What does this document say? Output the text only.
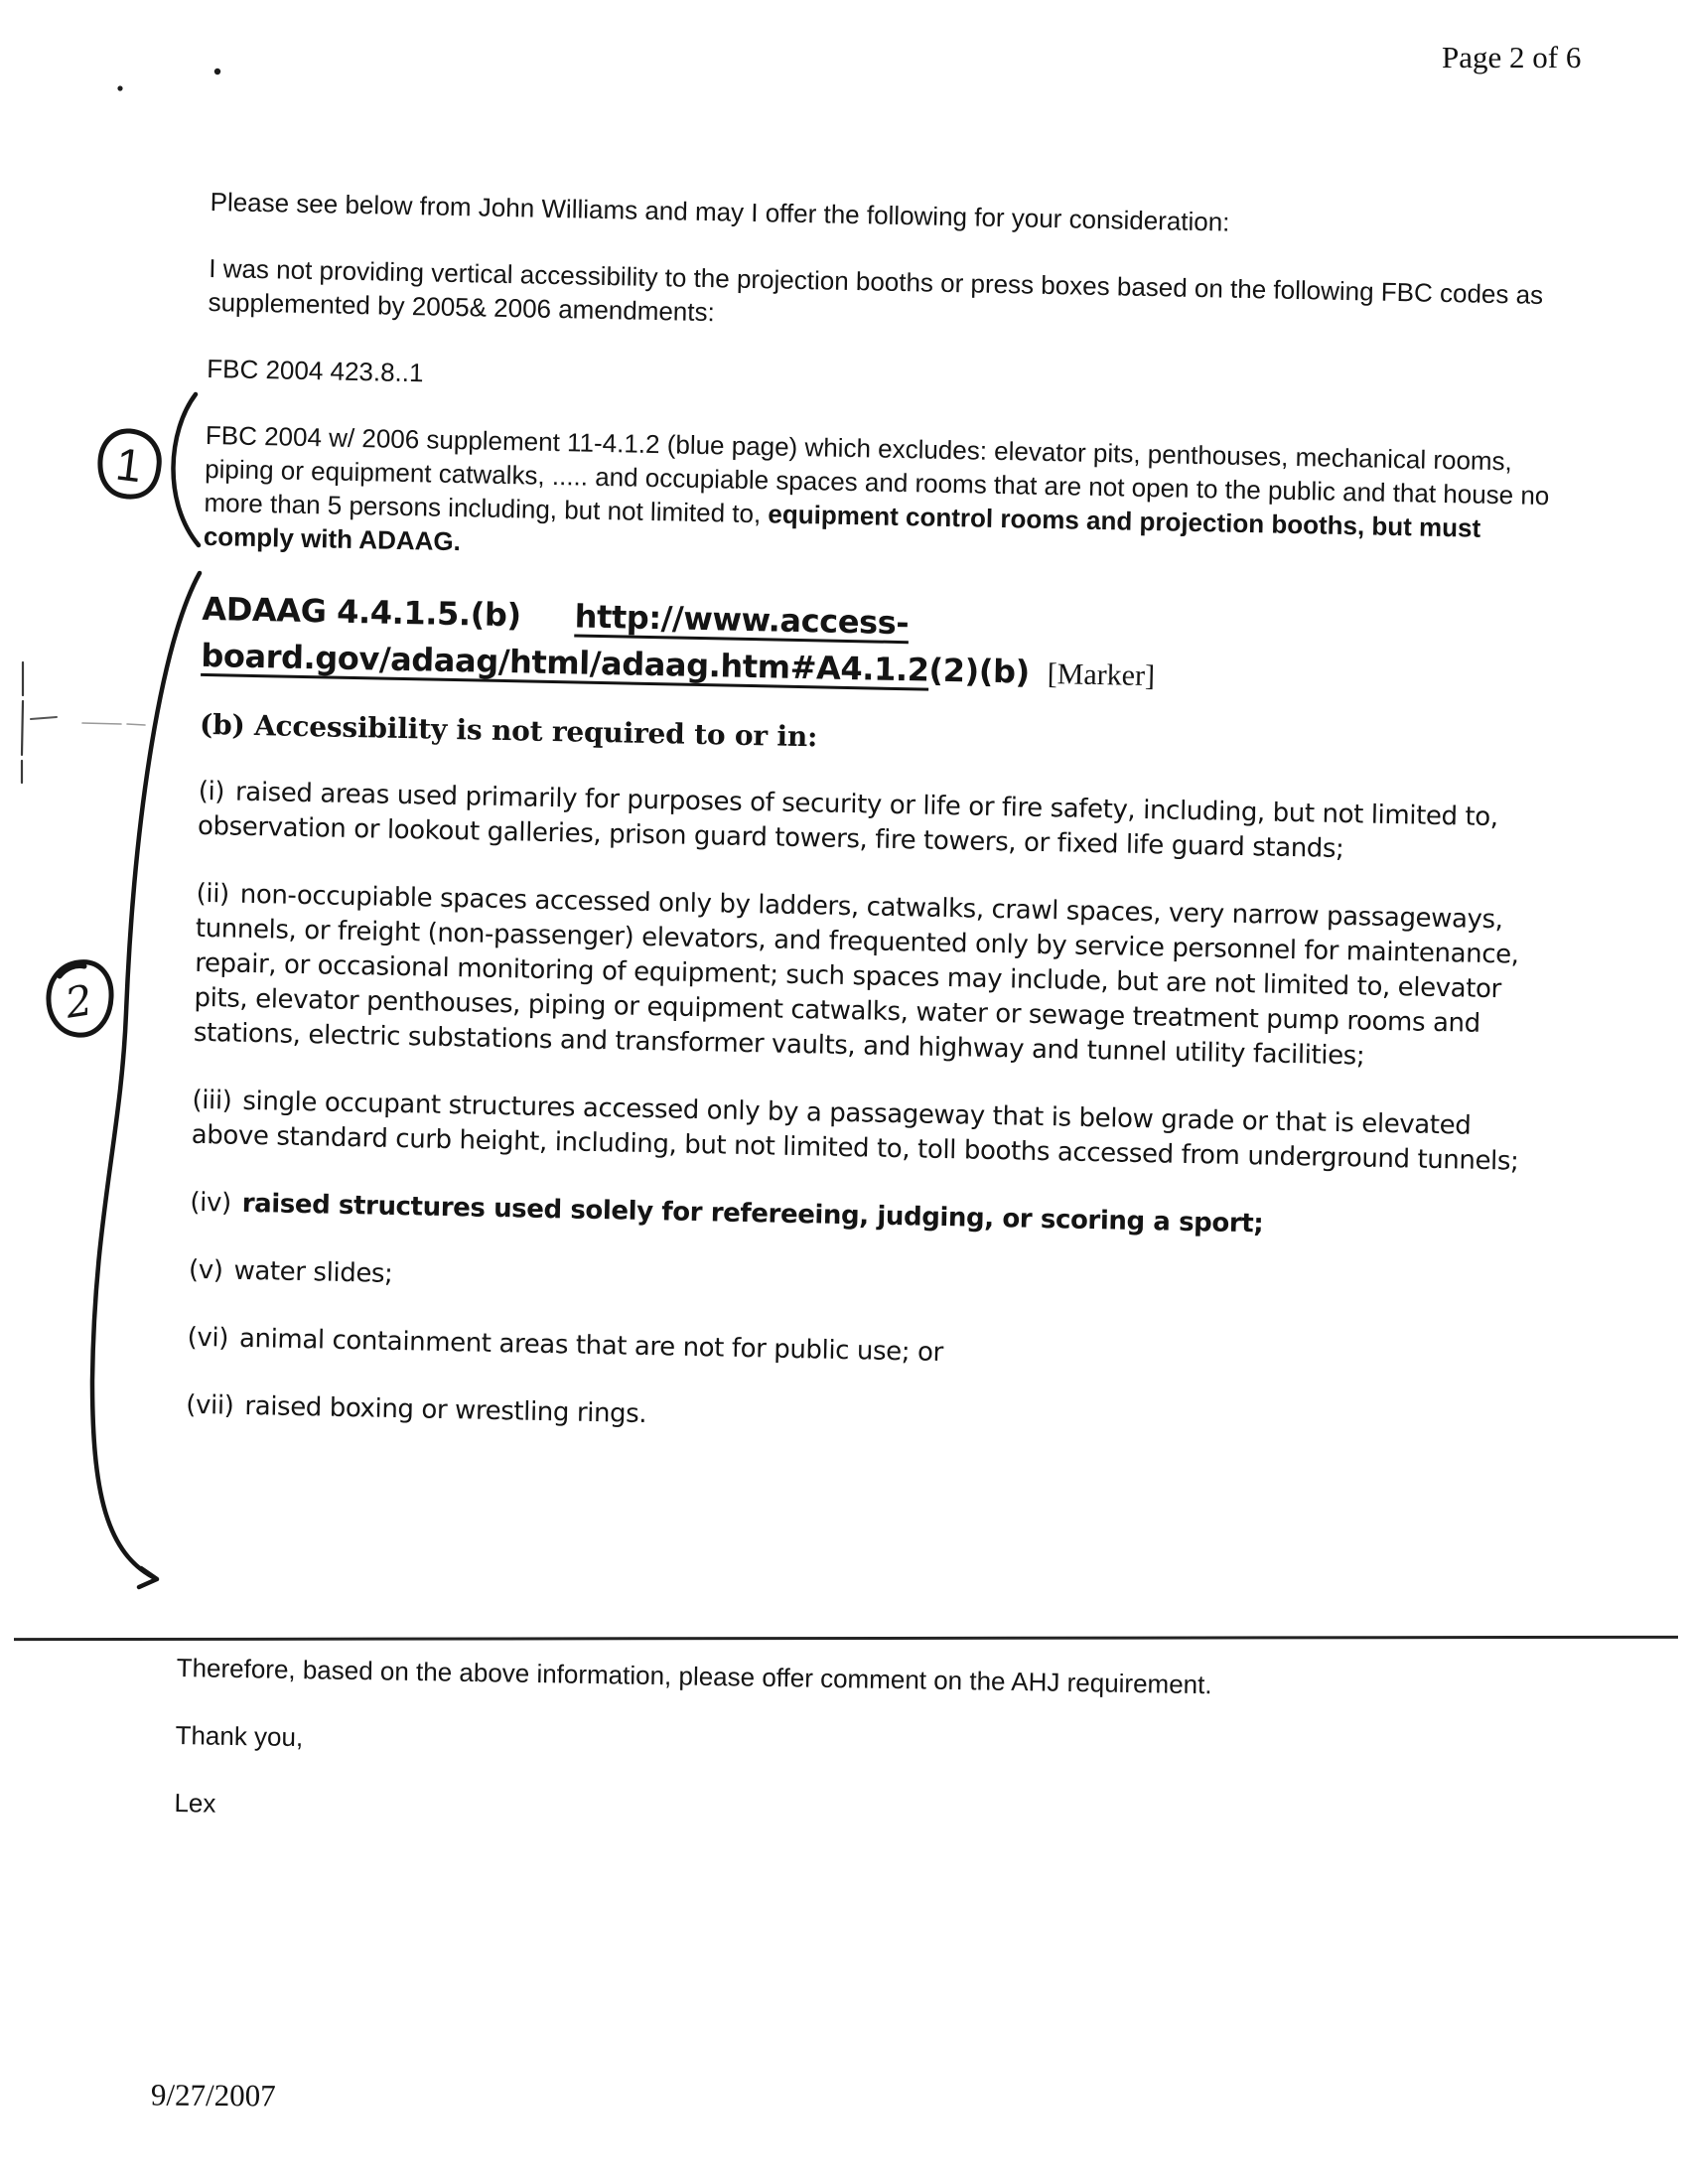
Page 2 of 6
1
2

Please see below from John Williams and may I offer the following for your consideration:

I was not providing vertical accessibility to the projection booths or press boxes based on the following FBC codes as supplemented by 2005& 2006 amendments:

FBC 2004 423.8..1

FBC 2004 w/ 2006 supplement 11-4.1.2 (blue page) which excludes: elevator pits, penthouses, mechanical rooms, piping or equipment catwalks, ..... and occupiable spaces and rooms that are not open to the public and that house no more than 5 persons including, but not limited to, equipment control rooms and projection booths, but must comply with ADAAG.

ADAAG 4.4.1.5.(b) http://www.access-
board.gov/adaag/html/adaag.htm#A4.1.2(2)(b) [Marker]

(b) Accessibility is not required to or in:

(i) raised areas used primarily for purposes of security or life or fire safety, including, but not limited to, observation or lookout galleries, prison guard towers, fire towers, or fixed life guard stands;

(ii) non-occupiable spaces accessed only by ladders, catwalks, crawl spaces, very narrow passageways, tunnels, or freight (non-passenger) elevators, and frequented only by service personnel for maintenance, repair, or occasional monitoring of equipment; such spaces may include, but are not limited to, elevator pits, elevator penthouses, piping or equipment catwalks, water or sewage treatment pump rooms and stations, electric substations and transformer vaults, and highway and tunnel utility facilities;

(iii) single occupant structures accessed only by a passageway that is below grade or that is elevated above standard curb height, including, but not limited to, toll booths accessed from underground tunnels;

(iv) raised structures used solely for refereeing, judging, or scoring a sport;

(v) water slides;

(vi) animal containment areas that are not for public use; or

(vii) raised boxing or wrestling rings.

Therefore, based on the above information, please offer comment on the AHJ requirement.

Thank you,

Lex

9/27/2007
